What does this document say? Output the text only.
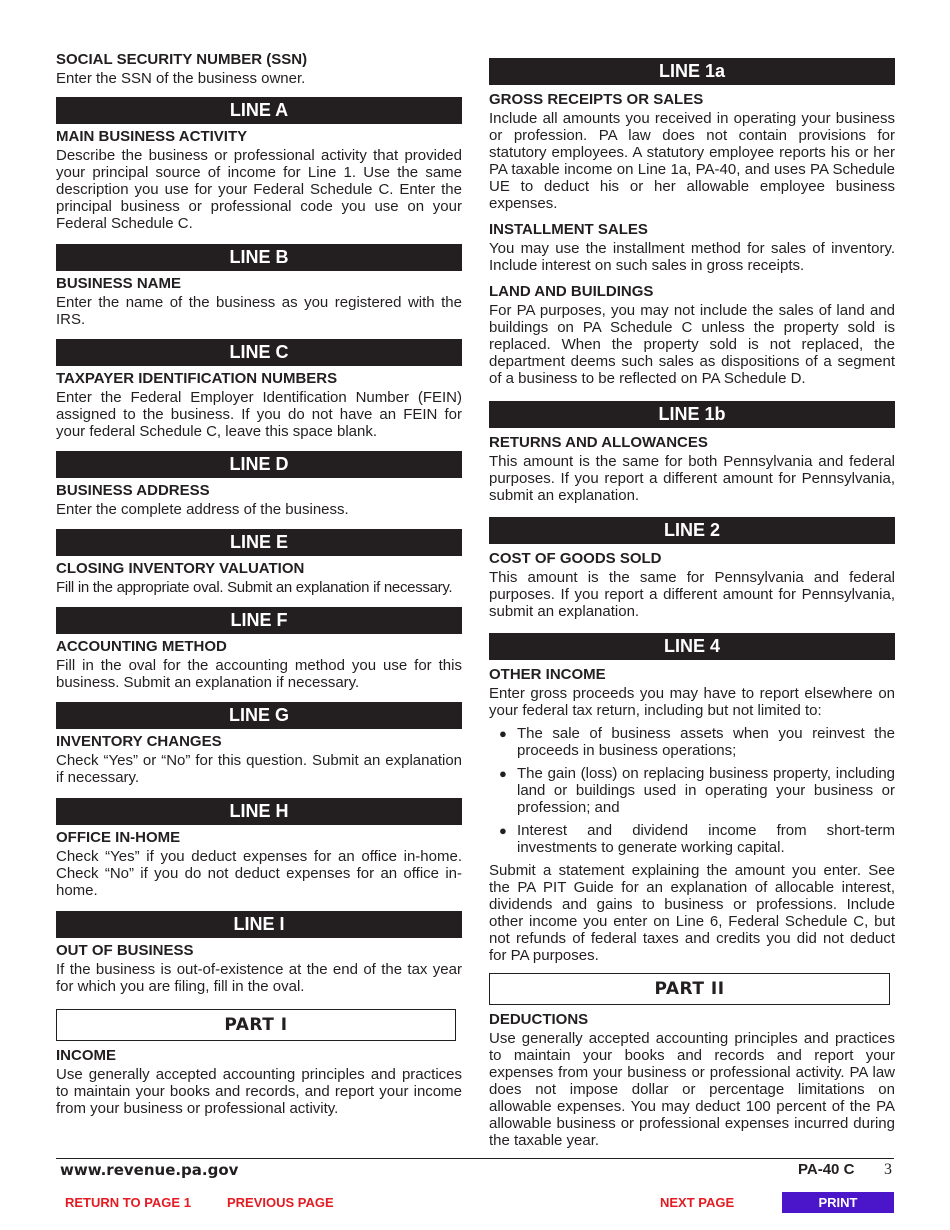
SOCIAL SECURITY NUMBER (SSN)
Enter the SSN of the business owner.
LINE A
MAIN BUSINESS ACTIVITY
Describe the business or professional activity that provided your principal source of income for Line 1. Use the same description you use for your Federal Schedule C. Enter the principal business or professional code you use on your Federal Schedule C.
LINE B
BUSINESS NAME
Enter the name of the business as you registered with the IRS.
LINE C
TAXPAYER IDENTIFICATION NUMBERS
Enter the Federal Employer Identification Number (FEIN) assigned to the business. If you do not have an FEIN for your federal Schedule C, leave this space blank.
LINE D
BUSINESS ADDRESS
Enter the complete address of the business.
LINE E
CLOSING INVENTORY VALUATION
Fill in the appropriate oval. Submit an explanation if necessary.
LINE F
ACCOUNTING METHOD
Fill in the oval for the accounting method you use for this business. Submit an explanation if necessary.
LINE G
INVENTORY CHANGES
Check “Yes” or “No” for this question. Submit an explanation if necessary.
LINE H
OFFICE IN-HOME
Check “Yes” if you deduct expenses for an office in-home. Check “No” if you do not deduct expenses for an office in-home.
LINE I
OUT OF BUSINESS
If the business is out-of-existence at the end of the tax year for which you are filing, fill in the oval.
PART I
INCOME
Use generally accepted accounting principles and practices to maintain your books and records, and report your income from your business or professional activity.
LINE 1a
GROSS RECEIPTS OR SALES
Include all amounts you received in operating your business or profession. PA law does not contain provisions for statutory employees. A statutory employee reports his or her PA taxable income on Line 1a, PA-40, and uses PA Schedule UE to deduct his or her allowable employee business expenses.
INSTALLMENT SALES
You may use the installment method for sales of inventory. Include interest on such sales in gross receipts.
LAND AND BUILDINGS
For PA purposes, you may not include the sales of land and buildings on PA Schedule C unless the property sold is replaced. When the property sold is not replaced, the department deems such sales as dispositions of a segment of a business to be reflected on PA Schedule D.
LINE 1b
RETURNS AND ALLOWANCES
This amount is the same for both Pennsylvania and federal purposes. If you report a different amount for Pennsylvania, submit an explanation.
LINE 2
COST OF GOODS SOLD
This amount is the same for Pennsylvania and federal purposes. If you report a different amount for Pennsylvania, submit an explanation.
LINE 4
OTHER INCOME
Enter gross proceeds you may have to report elsewhere on your federal tax return, including but not limited to:
● The sale of business assets when you reinvest the proceeds in business operations;
● The gain (loss) on replacing business property, including land or buildings used in operating your business or profession; and
● Interest and dividend income from short-term investments to generate working capital.
Submit a statement explaining the amount you enter. See the PA PIT Guide for an explanation of allocable interest, dividends and gains to business or professions. Include other income you enter on Line 6, Federal Schedule C, but not refunds of federal taxes and credits you did not deduct for PA purposes.
PART II
DEDUCTIONS
Use generally accepted accounting principles and practices to maintain your books and records and report your expenses from your business or professional activity. PA law does not impose dollar or percentage limitations on allowable expenses. You may deduct 100 percent of the PA allowable business or professional expenses incurred during the taxable year.
www.revenue.pa.gov	PA-40 C 3
RETURN TO PAGE 1	PREVIOUS PAGE	NEXT PAGE	PRINT
